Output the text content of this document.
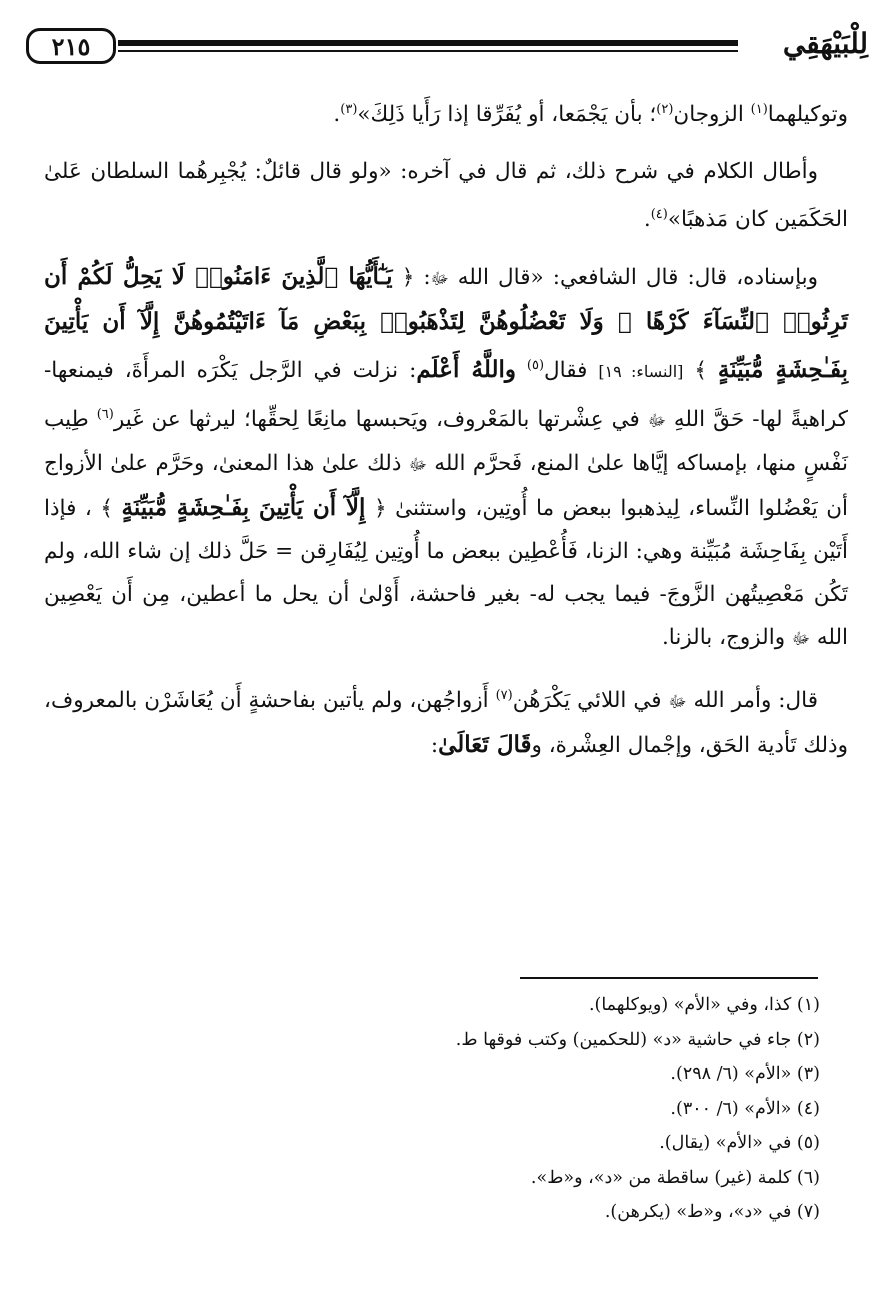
٢١٥	لِلْبَيْهَقِي

وتوكيلهما$^{(١)}$ الزوجان$^{(٢)}$؛ بأن يَجْمَعا، أو يُفَرِّقا إذا رَأَيا ذَلِكَ»$^{(٣)}$.

وأطال الكلام في شرح ذلك، ثم قال في آخره: «ولو قال قائلٌ: يُجْبِرهُما السلطان عَلىٰ الحَكَمَين كان مَذهبًا»$^{(٤)}$.

وبإسناده، قال: قال الشافعي: «قال الله ﷻ: ﴿ يَـٰٓأَيُّهَا ٱلَّذِينَ ءَامَنُوا۟ لَا يَحِلُّ لَكُمْ أَن تَرِثُوا۟ ٱلنِّسَآءَ كَرْهًا ۖ وَلَا تَعْضُلُوهُنَّ لِتَذْهَبُوا۟ بِبَعْضِ مَآ ءَاتَيْتُمُوهُنَّ إِلَّآ أَن يَأْتِينَ بِفَـٰحِشَةٍ مُّبَيِّنَةٍ ﴾ [النساء: ١٩] فقال$^{(٥)}$ واللَّهُ أَعْلَم: نزلت في الرَّجل يَكْرَه المرأَةَ، فيمنعها-كراهيةً لها- حَقَّ اللهِ ﷻ في عِشْرتها بالمَعْروف، ويَحبسها مانِعًا لِحقِّها؛ ليرثها عن غَير$^{(٦)}$ طِيب نَفْسٍ منها، بإمساكه إيَّاها علىٰ المنع، فَحرَّم الله ﷻ ذلك علىٰ هذا المعنىٰ، وحَرَّم علىٰ الأزواج أن يَعْضُلوا النِّساء، لِيذهبوا ببعض ما أُوتِين، واستثنىٰ ﴿ إِلَّآ أَن يَأْتِينَ بِفَـٰحِشَةٍ مُّبَيِّنَةٍ ﴾ ، فإذا أَتَيْن بِفَاحِشَة مُبَيِّنة وهي: الزنا، فَأُعْطِين ببعض ما أُوتِين لِيُفَارِقن = حَلَّ ذلك إن شاء الله، ولم تَكُن مَعْصِيتُهن الزَّوجَ- فيما يجب له- بغير فاحشة، أَوْلىٰ أن يحل ما أعطين، مِن أَن يَعْصِين الله ﷻ والزوج، بالزنا.

قال: وأمر الله ﷻ في اللائي يَكْرَهُن$^{(٧)}$ أَزواجُهن، ولم يأتين بفاحشةٍ أَن يُعَاشَرْن بالمعروف، وذلك تَأدية الحَق، وإجْمال العِشْرة، وقَالَ تَعَالَىٰ:

(١) كذا، وفي «الأم» (ويوكلهما).
(٢) جاء في حاشية «د» (للحكمين) وكتب فوقها ط.
(٣) «الأم» (٦/ ٢٩٨).
(٤) «الأم» (٦/ ٣٠٠).
(٥) في «الأم» (يقال).
(٦) كلمة (غير) ساقطة من «د»، و«ط».
(٧) في «د»، و«ط» (يكرهن).
